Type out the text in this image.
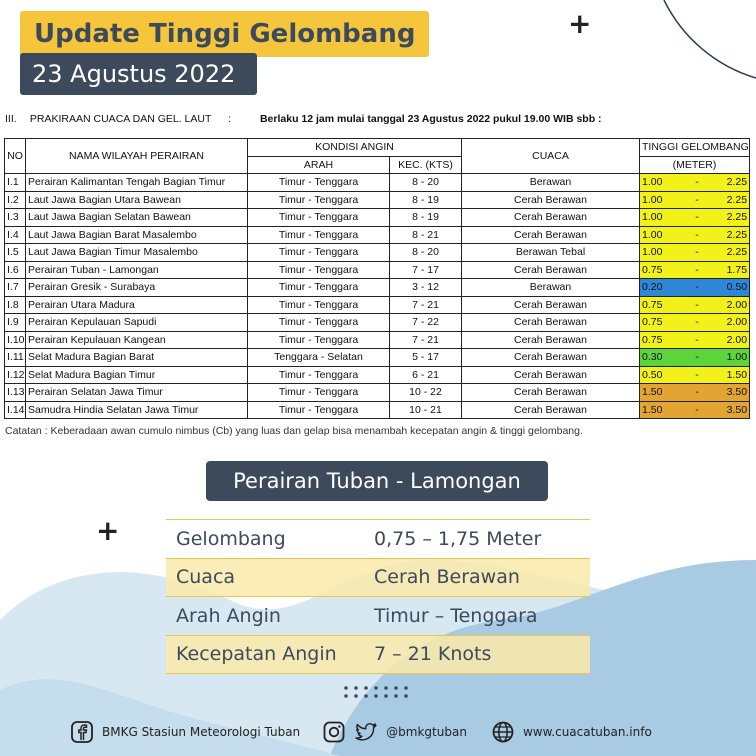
Update Tinggi Gelombang
23 Agustus 2022
+
III. PRAKIRAAN CUACA DAN GEL. LAUT :	Berlaku 12 jam mulai tanggal 23 Agustus 2022 pukul 19.00 WIB sbb :
NO	NAMA WILAYAH PERAIRAN	KONDISI ANGIN		CUACA	TINGGI GELOMBANG		

		ARAH	KEC. (KTS)		(METER)		
I.1	Perairan Kalimantan Tengah Bagian Timur	Timur - Tenggara	8 - 20	Berawan	1.00	-	2.25
I.2	Laut Jawa Bagian Utara Bawean	Timur - Tenggara	8 - 19	Cerah Berawan	1.00	-	2.25
I.3	Laut Jawa Bagian Selatan Bawean	Timur - Tenggara	8 - 19	Cerah Berawan	1.00	-	2.25
I.4	Laut Jawa Bagian Barat Masalembo	Timur - Tenggara	8 - 21	Cerah Berawan	1.00	-	2.25
I.5	Laut Jawa Bagian Timur Masalembo	Timur - Tenggara	8 - 20	Berawan Tebal	1.00	-	2.25
I.6	Perairan Tuban - Lamongan	Timur - Tenggara	7 - 17	Cerah Berawan	0.75	-	1.75
I.7	Perairan Gresik - Surabaya	Timur - Tenggara	3 - 12	Berawan	0.20	-	0.50
I.8	Perairan Utara Madura	Timur - Tenggara	7 - 21	Cerah Berawan	0.75	-	2.00
I.9	Perairan Kepulauan Sapudi	Timur - Tenggara	7 - 22	Cerah Berawan	0.75	-	2.00
I.10	Perairan Kepulauan Kangean	Timur - Tenggara	7 - 21	Cerah Berawan	0.75	-	2.00
I.11	Selat Madura Bagian Barat	Tenggara - Selatan	5 - 17	Cerah Berawan	0.30	-	1.00
I.12	Selat Madura Bagian Timur	Timur - Tenggara	6 - 21	Cerah Berawan	0.50	-	1.50
I.13	Perairan Selatan Jawa Timur	Timur - Tenggara	10 - 22	Cerah Berawan	1.50	-	3.50
I.14	Samudra Hindia Selatan Jawa Timur	Timur - Tenggara	10 - 21	Cerah Berawan	1.50	-	3.50
Catatan : Keberadaan awan cumulo nimbus (Cb) yang luas dan gelap bisa menambah kecepatan angin & tinggi gelombang.
Perairan Tuban - Lamongan
+	Gelombang	0,75 – 1,75 Meter
Cuaca	Cerah Berawan
Arah Angin	Timur – Tenggara
Kecepatan Angin	7 – 21 Knots
BMKG Stasiun Meteorologi Tuban	@bmkgtuban	www.cuacatuban.info
